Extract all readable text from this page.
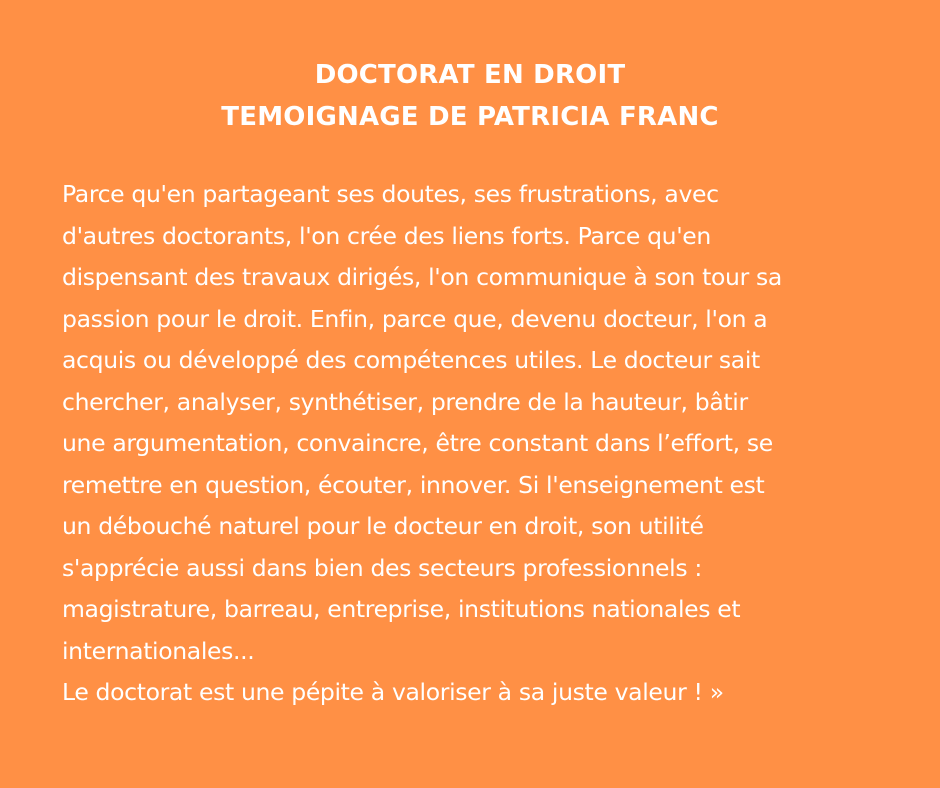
DOCTORAT EN DROIT
TEMOIGNAGE DE PATRICIA FRANC

Parce qu'en partageant ses doutes, ses frustrations, avec
d'autres doctorants, l'on crée des liens forts. Parce qu'en
dispensant des travaux dirigés, l'on communique à son tour sa
passion pour le droit. Enfin, parce que, devenu docteur, l'on a
acquis ou développé des compétences utiles. Le docteur sait
chercher, analyser, synthétiser, prendre de la hauteur, bâtir
une argumentation, convaincre, être constant dans l’effort, se
remettre en question, écouter, innover. Si l'enseignement est
un débouché naturel pour le docteur en droit, son utilité
s'apprécie aussi dans bien des secteurs professionnels :
magistrature, barreau, entreprise, institutions nationales et
internationales...
Le doctorat est une pépite à valoriser à sa juste valeur ! »
